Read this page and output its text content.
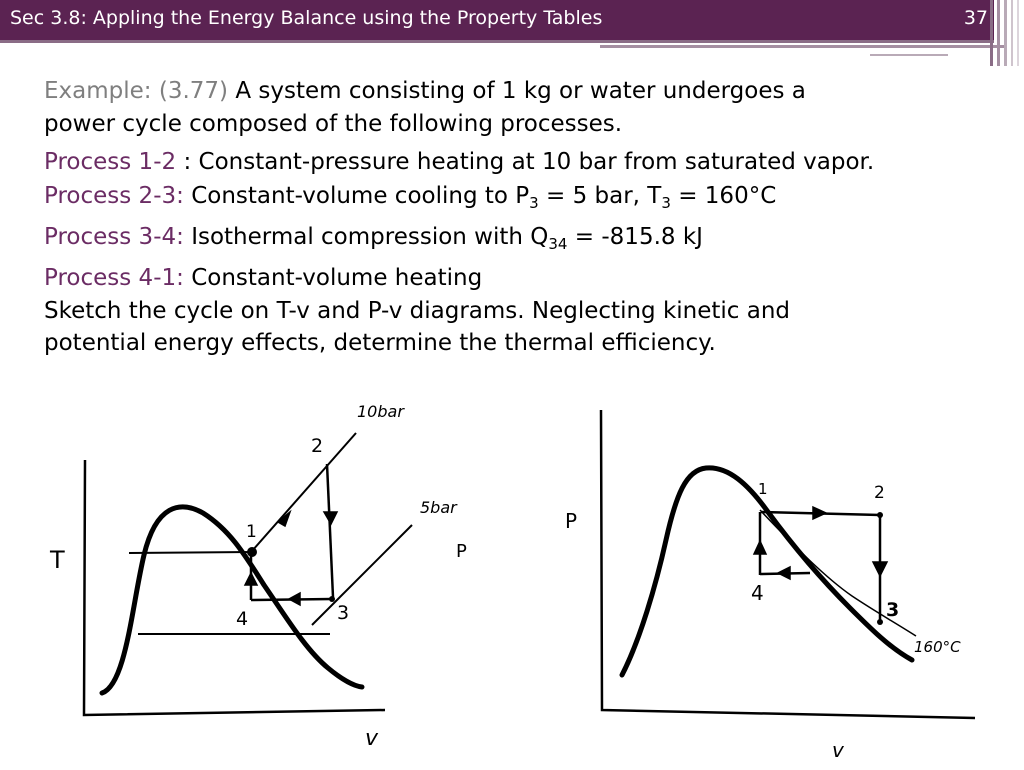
Sec 3.8: Appling the Energy Balance using the Property Tables	37
Example: (3.77) A system consisting of 1 kg or water undergoes a
power cycle composed of the following processes.
Process 1-2 : Constant-pressure heating at 10 bar from saturated vapor.
Process 2-3: Constant-volume cooling to $P_3 = 5$ bar, $T_3 = 160^\circ C$
Process 3-4: Isothermal compression with $Q_{34} = -815.8$ kJ
Process 4-1: Constant-volume heating
Sketch the cycle on T-v and P-v diagrams. Neglecting kinetic and
potential energy effects, determine the thermal efficiency.
T
v
10bar
5bar
P
1
2
3
4
P
v
160°C
1	2
3
4
